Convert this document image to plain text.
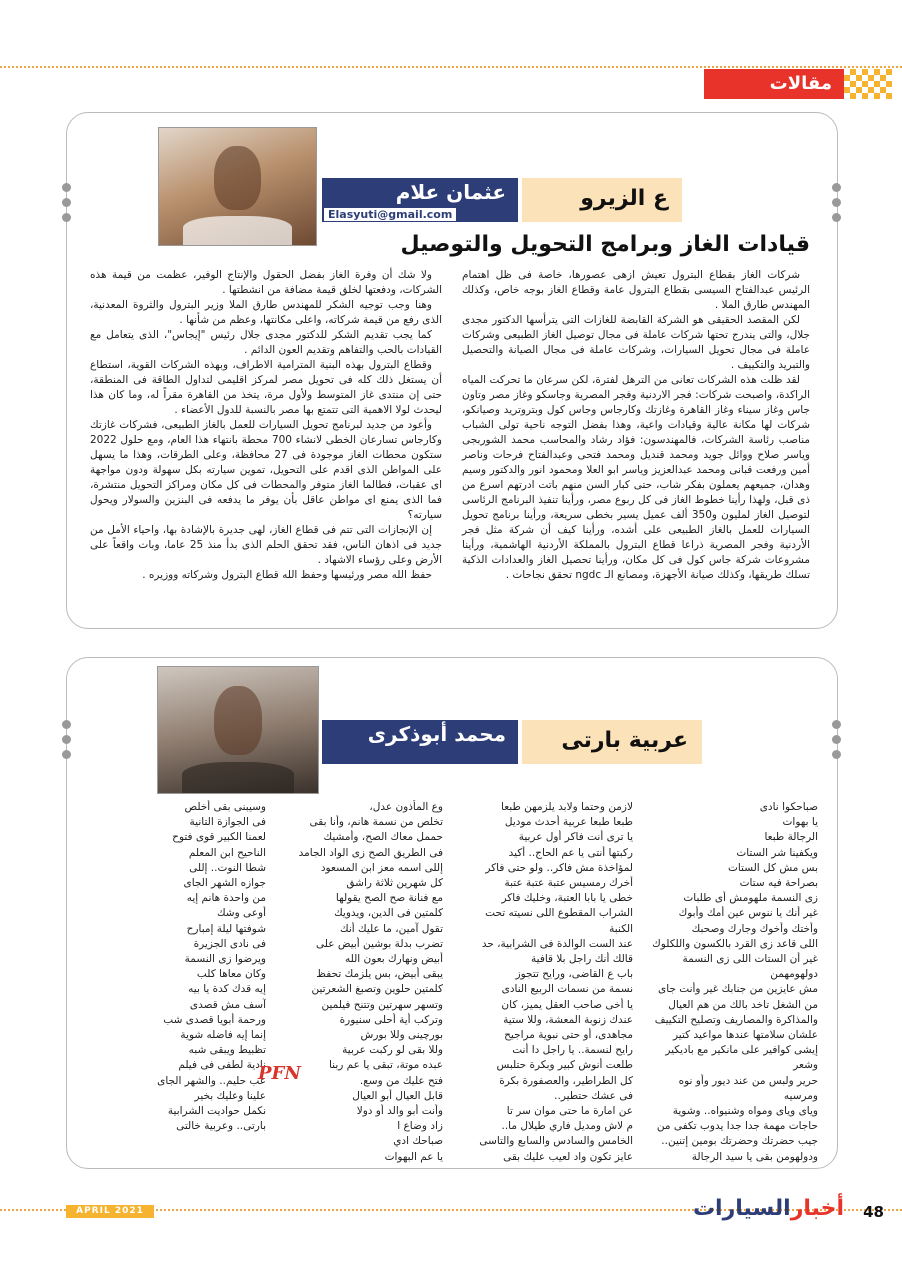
مقالات
عثمان علام
Elasyuti@gmail.com
ع الزيرو
قيادات الغاز وبرامج التحويل والتوصيل

شركات الغاز بقطاع البترول تعيش ازهى عصورها، خاصة فى ظل اهتمام الرئيس عبدالفتاح السيسى بقطاع البترول عامة وقطاع الغاز بوجه خاص، وكذلك المهندس طارق الملا .

لكن المقصد الحقيقى هو الشركة القابضة للغازات التى يترأسها الدكتور مجدى جلال، والتى يندرج تحتها شركات عاملة فى مجال توصيل الغاز الطبيعى وشركات عاملة فى مجال تحويل السيارات، وشركات عاملة فى مجال الصيانة والتحصيل والتبريد والتكييف .

لقد ظلت هذه الشركات تعانى من الترهل لفترة، لكن سرعان ما تحركت المياه الراكدة، واصبحت شركات: فجر الاردنية وفجر المصرية وجاسكو وغاز مصر وتاون جاس وغاز سيناء وغاز القاهرة وغازتك وكارجاس وجاس كول وبتروتريد وصيانكو، شركات لها مكانة عالية وقيادات واعية، وهذا بفضل التوجه ناحية تولى الشباب مناصب رئاسة الشركات، فالمهندسون: فؤاد رشاد والمحاسب محمد الشوربجى وياسر صلاح ووائل جويد ومحمد قنديل ومحمد فتحى وعبدالفتاح فرحات وناصر أمين ورفعت قبانى ومحمد عبدالعزيز وياسر ابو العلا ومحمود انور والدكتور وسيم وهدان، جميعهم يعملون بفكر شاب، حتى كبار السن منهم باتت ادرتهم اسرع من ذى قبل، ولهذا رأينا خطوط الغاز فى كل ربوع مصر، ورأينا تنفيذ البرنامج الرئاسى لتوصيل الغاز لمليون و350 ألف عميل يسير بخطى سريعة، ورأينا برنامج تحويل السيارات للعمل بالغاز الطبيعى على أشده، ورأينا كيف أن شركة مثل فجر الأردنية وفجر المصرية ذراعا قطاع البترول بالمملكة الأردنية الهاشمية، ورأينا مشروعات شركة جاس كول فى كل مكان، ورأينا تحصيل الغاز والعدادات الذكية تسلك طريقها، وكذلك صيانة الأجهزة، ومصانع الـ ngdc تحقق نجاحات .

ولا شك أن وفرة الغاز بفضل الحقول والإنتاج الوفير، عظمت من قيمة هذه الشركات، ودفعتها لخلق قيمة مضافة من انشطتها .

وهنا وجب توجيه الشكر للمهندس طارق الملا وزير البترول والثروة المعدنية، الذى رفع من قيمة شركاته، واعلى مكانتها، وعظم من شأنها .

كما يجب تقديم الشكر للدكتور مجدى جلال رئيس "إيجاس"، الذى يتعامل مع القيادات بالحب والتفاهم وتقديم العون الدائم .

وقطاع البترول بهذه البنية المترامية الاطراف، وبهذه الشركات القوية، استطاع أن يستغل ذلك كله فى تحويل مصر لمركز اقليمى لتداول الطاقة فى المنطقة، حتى إن منتدى غاز المتوسط ولأول مرة، يتخذ من القاهرة مقراً له، وما كان هذا ليحدث لولا الاهمية التى تتمتع بها مصر بالنسبة للدول الأعضاء .

وأعود من جديد لبرنامج تحويل السيارات للعمل بالغاز الطبيعى، فشركات غازتك وكارجاس تسارعان الخطى لانشاء 700 محطة بانتهاء هذا العام، ومع حلول 2022 ستكون محطات الغاز موجودة فى 27 محافظة، وعلى الطرقات، وهذا ما يسهل على المواطن الذى اقدم على التحويل، تموين سيارته بكل سهولة ودون مواجهة اى عقبات، فطالما الغاز متوفر والمحطات فى كل مكان ومراكز التحويل منتشرة، فما الذى يمنع اى مواطن عاقل بأن يوفر ما يدفعه فى البنزين والسولار ويحول سيارته؟

إن الإنجازات التى تتم فى قطاع الغاز، لهى جديرة بالإشادة بها، واحياء الأمل من جديد فى اذهان الناس، فقد تحقق الحلم الذى بدأ منذ 25 عاما، وبات واقعاً على الأرض وعلى رؤساء الاشهاد .

حفظ الله مصر ورئيسها وحفظ الله قطاع البترول وشركاته ووزيره .

محمد أبوذكرى	عربية بارتى
صباحكوا نادى
يا بهوات
الرجالة طبعا
ويكفينا شر الستات
بس مش كل الستات
بصراحة فيه ستات
زى النسمة ملهومش أى طلبات
غير أنك يا ننوس عين أمك وأبوك
وأختك وأخوك وجارك وصحبك
اللى قاعد زى القرد بالكسون واللكلوك
غير أن الستات اللى زى النسمة
دولهومهمن
مش عايزين من جنابك غير وأنت جاى
من الشغل تاخد بالك من هم العيال
والمذاكرة والمصاريف وتصليح التكييف
علشان سلامتها عندها مواعيد كتير
إيشى كوافير على مانكير مع باديكير
وشعر
حرير ولبس من عند ديور وأو نوه
ومرسيه
وياى وياى ومواه وشنيواه.. وشوية
حاجات مهمة جدا جدا يدوب تكفى من
جيب حضرتك وحضرتك بومين إتنين..
ودولهومن بقى يا سيد الرجالة
لازمن وحتما ولابد يلزمهن طبعا
طبعا طبعا عربية أحدث موديل
يا ترى أنت فاكر أول عربية
ركبتها أنتى يا عم الحاج.. أكيد
لمؤاخذة مش فاكر.. ولو حتى فاكر
أخرك رمسيس عتبة عتبة عتبة
خطى يا بابا العتبة، وخليك فاكر
الشراب المقطوع اللى نسيته تحت
الكنبة
عند الست الوالدة فى الشرابية، حد
قالك أنك راجل بلا قافية
باب ع القاضى، ورايح تتجوز
نسمة من نسمات الربيع النادى
يا أخى صاحب العقل يميز، كان
عندك زنوبة المعشة، وللا ستية
مجاهدى، أو حتى نبوية مراجيح
رايح لنسمة.. يا راجل دا أنت
طلعت أنوش كبير وبكرة حتلبس
كل الطراطير، والعصفورة بكرة
فى عشك حتطير..
عن امارة ما حتى موان سر تا
م لاش ومديل فاري طيلال ما..
الخامس والسادس والسابع والتاسى
عايز تكون واد لعيب عليك بقى
وع المأذون عدل،
تخلص من نسمة هانم، وأنا بقى
حممل معاك الصح، وأمشيك
فى الطريق الصح زى الواد الجامد
إللى اسمه معز ابن المسعود
كل شهرين ثلاثة راشق
مع فنانة صح الصح يقولها
كلمتين فى الدين، ويدويك
تقول آمين، ما عليك أنك
تضرب بدلة بوشين أبيض على
أبيض ونهارك بعون الله
يبقى أبيض، بس يلزمك تحفظ
كلمتين حلوين وتصبغ الشعرتين
وتسهر سهرتين وتتنح فيلمين
وتركب أية أحلى سنيورة
بورچينى وللا بورش
وللا بقى لو ركبت عربية
عبده موتة، تبقى يا عم ربنا
فتح عليك من وسع.
قابل العيال أبو العيال
وأنت أبو والد أو دولا
زاد وضاع ا
صباحك ادي
يا عم البهوات
وسيبنى بقى أخلص
فى الجوازة التانية
لعمنا الكبير قوى فتوح
الناحيح ابن المعلم
شطا النوت.. إللى
جوازه الشهر الجاى
من واحدة هانم إيه
أوعى وشك
شوفتها ليلة إمبارح
فى نادى الجزيرة
ويرضوا زى النسمة
وكان معاها كلب
إيه قدك كدة يا بيه
آسف مش قصدى
ورحمة أبويا قصدى شب
إنما إيه فاضله شوية
تظبيط ويبقى شبه
نادية لطفى فى فيلم
عب حليم.. والشهر الجاى
علينا وعليك بخير
نكمل حواديت الشرابية
بارتى.. وعربية خالتى
PFN
APRIL 2021	أخبارالسيارات	48
